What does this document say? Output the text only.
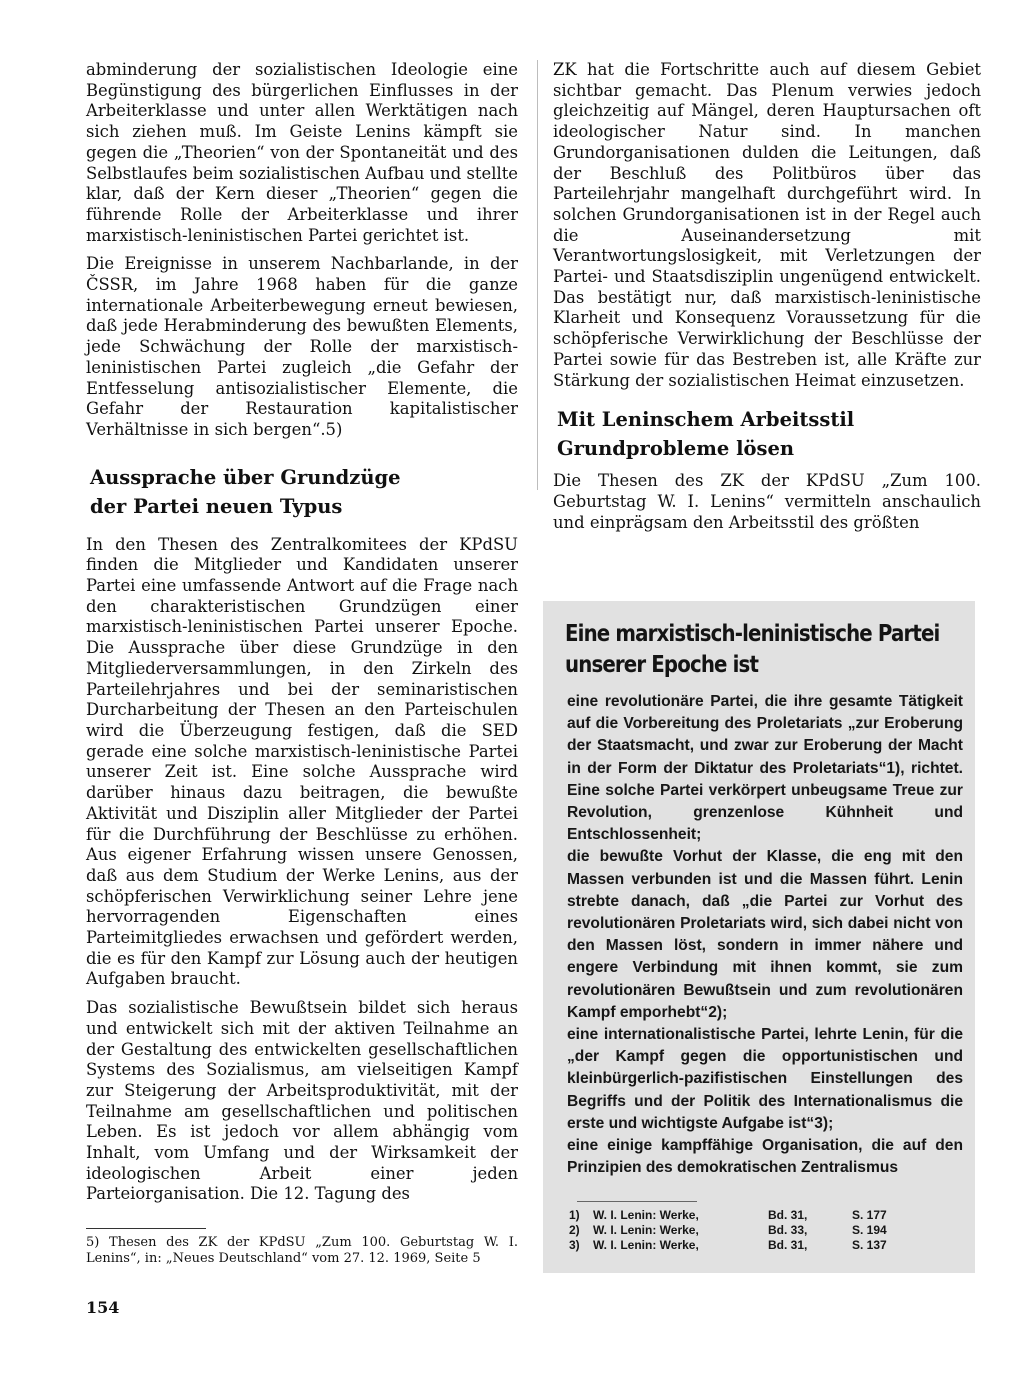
abminderung der sozialistischen Ideologie eine Begünstigung des bürgerlichen Einflusses in der Arbeiterklasse und unter allen Werktätigen nach sich ziehen muß. Im Geiste Lenins kämpft sie gegen die „Theorien“ von der Spontaneität und des Selbstlaufes beim sozialistischen Aufbau und stellte klar, daß der Kern dieser „Theorien“ gegen die führende Rolle der Arbeiterklasse und ihrer marxistisch-leninistischen Partei gerichtet ist.

Die Ereignisse in unserem Nachbarlande, in der ČSSR, im Jahre 1968 haben für die ganze internationale Arbeiterbewegung erneut bewiesen, daß jede Herabminderung des bewußten Elements, jede Schwächung der Rolle der marxistisch-leninistischen Partei zugleich „die Gefahr der Entfesselung antisozialistischer Elemente, die Gefahr der Restauration kapitalistischer Verhältnisse in sich bergen“.5)

Aussprache über Grundzüge
der Partei neuen Typus

In den Thesen des Zentralkomitees der KPdSU finden die Mitglieder und Kandidaten unserer Partei eine umfassende Antwort auf die Frage nach den charakteristischen Grundzügen einer marxistisch-leninistischen Partei unserer Epoche. Die Aussprache über diese Grundzüge in den Mitgliederversammlungen, in den Zirkeln des Parteilehrjahres und bei der seminaristischen Durcharbeitung der Thesen an den Parteischulen wird die Überzeugung festigen, daß die SED gerade eine solche marxistisch-leninistische Partei unserer Zeit ist. Eine solche Aussprache wird darüber hinaus dazu beitragen, die bewußte Aktivität und Disziplin aller Mitglieder der Partei für die Durchführung der Beschlüsse zu erhöhen. Aus eigener Erfahrung wissen unsere Genossen, daß aus dem Studium der Werke Lenins, aus der schöpferischen Verwirklichung seiner Lehre jene hervorragenden Eigenschaften eines Parteimitgliedes erwachsen und gefördert werden, die es für den Kampf zur Lösung auch der heutigen Aufgaben braucht.

Das sozialistische Bewußtsein bildet sich heraus und entwickelt sich mit der aktiven Teilnahme an der Gestaltung des entwickelten gesellschaftlichen Systems des Sozialismus, am vielseitigen Kampf zur Steigerung der Arbeitsproduktivität, mit der Teilnahme am gesellschaftlichen und politischen Leben. Es ist jedoch vor allem abhängig vom Inhalt, vom Umfang und der Wirksamkeit der ideologischen Arbeit einer jeden Parteiorganisation. Die 12. Tagung des

5) Thesen des ZK der KPdSU „Zum 100. Geburtstag W. I. Lenins“, in: „Neues Deutschland“ vom 27. 12. 1969, Seite 5
154

ZK hat die Fortschritte auch auf diesem Gebiet sichtbar gemacht. Das Plenum verwies jedoch gleichzeitig auf Mängel, deren Hauptursachen oft ideologischer Natur sind. In manchen Grundorganisationen dulden die Leitungen, daß der Beschluß des Politbüros über das Parteilehrjahr mangelhaft durchgeführt wird. In solchen Grundorganisationen ist in der Regel auch die Auseinandersetzung mit Verantwortungslosigkeit, mit Verletzungen der Partei- und Staatsdisziplin ungenügend entwickelt. Das bestätigt nur, daß marxistisch-leninistische Klarheit und Konsequenz Voraussetzung für die schöpferische Verwirklichung der Beschlüsse der Partei sowie für das Bestreben ist, alle Kräfte zur Stärkung der sozialistischen Heimat einzusetzen.

Mit Leninschem Arbeitsstil
Grundprobleme lösen

Die Thesen des ZK der KPdSU „Zum 100. Geburtstag W. I. Lenins“ vermitteln anschaulich und einprägsam den Arbeitsstil des größten

Eine marxistisch-leninistische Partei
unserer Epoche ist

eine revolutionäre Partei, die ihre gesamte Tätigkeit auf die Vorbereitung des Proletariats „zur Eroberung der Staatsmacht, und zwar zur Eroberung der Macht in der Form der Diktatur des Proletariats“1), richtet. Eine solche Partei verkörpert unbeugsame Treue zur Revolution, grenzenlose Kühnheit und Entschlossenheit;

die bewußte Vorhut der Klasse, die eng mit den Massen verbunden ist und die Massen führt. Lenin strebte danach, daß „die Partei zur Vorhut des revolutionären Proletariats wird, sich dabei nicht von den Massen löst, sondern in immer nähere und engere Verbindung mit ihnen kommt, sie zum revolutionären Bewußtsein und zum revolutionären Kampf emporhebt“2);

eine internationalistische Partei, lehrte Lenin, für die „der Kampf gegen die opportunistischen und kleinbürgerlich-pazifistischen Einstellungen des Begriffs und der Politik des Internationalismus die erste und wichtigste Aufgabe ist“3);

eine einige kampffähige Organisation, die auf den Prinzipien des demokratischen Zentralismus

1) W. I. Lenin: Werke,	Bd. 31,	S. 177
2) W. I. Lenin: Werke,	Bd. 33,	S. 194
3) W. I. Lenin: Werke,	Bd. 31,	S. 137
